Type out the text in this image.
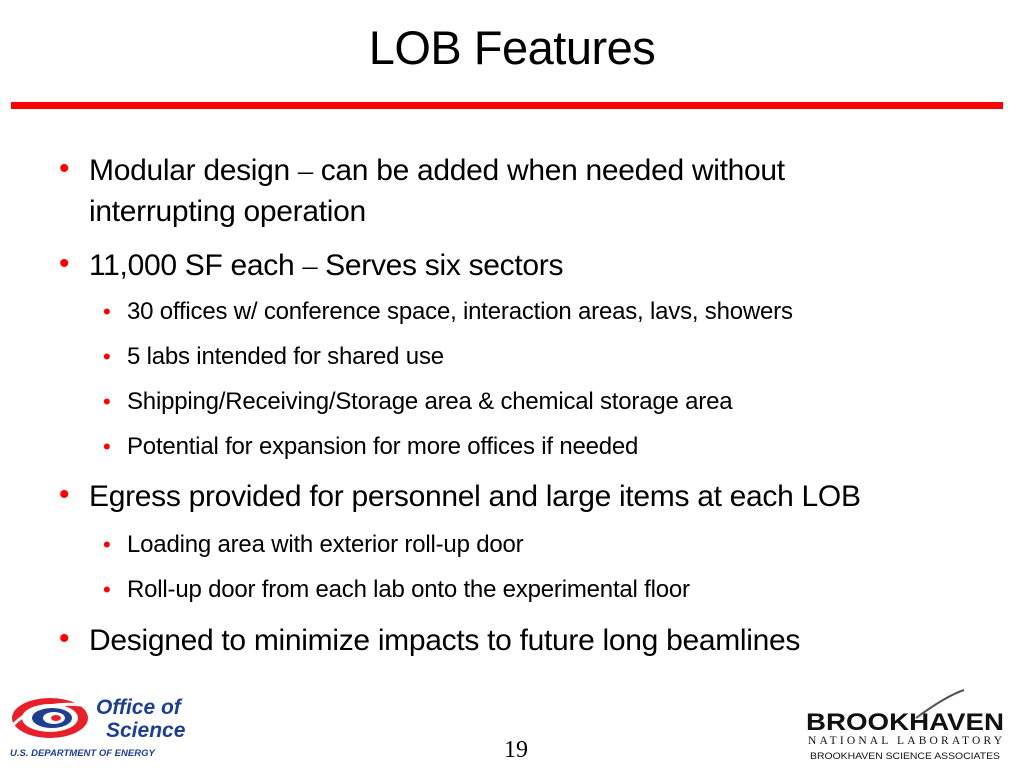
LOB Features
• Modular design – can be added when needed without
interrupting operation
• 11,000 SF each – Serves six sectors
• 30 offices w/ conference space, interaction areas, lavs, showers
• 5 labs intended for shared use
• Shipping/Receiving/Storage area & chemical storage area
• Potential for expansion for more offices if needed
• Egress provided for personnel and large items at each LOB
• Loading area with exterior roll-up door
• Roll-up door from each lab onto the experimental floor
• Designed to minimize impacts to future long beamlines
Office of
Science
U.S. DEPARTMENT OF ENERGY	19
BROOKHAVEN
NATIONAL LABORATORY
BROOKHAVEN SCIENCE ASSOCIATES
